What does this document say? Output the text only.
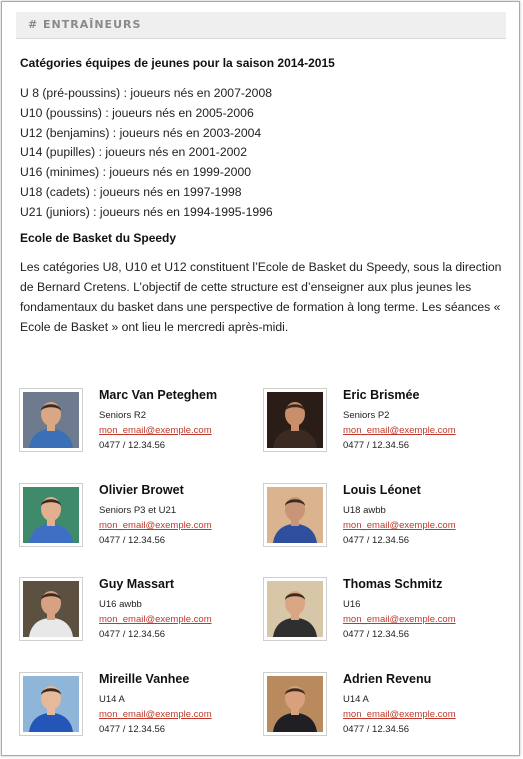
# ENTRAÎNEURS
Catégories équipes de jeunes pour la saison 2014-2015
U 8 (pré-poussins) : joueurs nés en 2007-2008
U10 (poussins) : joueurs nés en 2005-2006
U12 (benjamins) : joueurs nés en 2003-2004
U14 (pupilles) : joueurs nés en 2001-2002
U16 (minimes) : joueurs nés en 1999-2000
U18 (cadets) : joueurs nés en 1997-1998
U21 (juniors) : joueurs nés en 1994-1995-1996
Ecole de Basket du Speedy
Les catégories U8, U10 et U12 constituent l’Ecole de Basket du Speedy, sous la direction de Bernard Cretens. L’objectif de cette structure est d’enseigner aux plus jeunes les fondamentaux du basket dans une perspective de formation à long terme. Les séances « Ecole de Basket » ont lieu le mercredi après-midi.
Marc Van Peteghem
Seniors R2
mon_email@exemple.com
0477 / 12.34.56
Eric Brismée
Seniors P2
mon_email@exemple.com
0477 / 12.34.56
Olivier Browet
Seniors P3 et U21
mon_email@exemple.com
0477 / 12.34.56
Louis Léonet
U18 awbb
mon_email@exemple.com
0477 / 12.34.56
Guy Massart
U16 awbb
mon_email@exemple.com
0477 / 12.34.56
Thomas Schmitz
U16
mon_email@exemple.com
0477 / 12.34.56
Mireille Vanhee
U14 A
mon_email@exemple.com
0477 / 12.34.56
Adrien Revenu
U14 A
mon_email@exemple.com
0477 / 12.34.56
